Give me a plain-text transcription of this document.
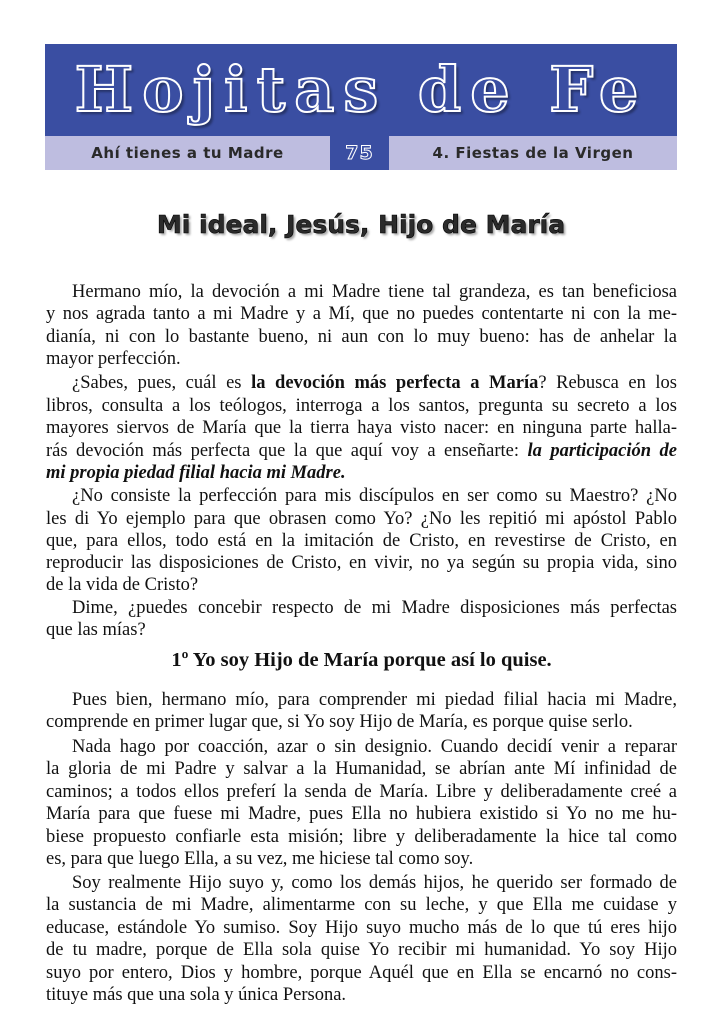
Hojitas de Fe
Ahí tienes a tu Madre	75	4. Fiestas de la Virgen
Mi ideal, Jesús, Hijo de María
Hermano mío, la devoción a mi Madre tiene tal grandeza, es tan beneficiosa
y nos agrada tanto a mi Madre y a Mí, que no puedes contentarte ni con la me-
dianía, ni con lo bastante bueno, ni aun con lo muy bueno: has de anhelar la
mayor perfección.
¿Sabes, pues, cuál es la devoción más perfecta a María? Rebusca en los
libros, consulta a los teólogos, interroga a los santos, pregunta su secreto a los
mayores siervos de María que la tierra haya visto nacer: en ninguna parte halla-
rás devoción más perfecta que la que aquí voy a enseñarte: la participación de
mi propia piedad filial hacia mi Madre.
¿No consiste la perfección para mis discípulos en ser como su Maestro? ¿No
les di Yo ejemplo para que obrasen como Yo? ¿No les repitió mi apóstol Pablo
que, para ellos, todo está en la imitación de Cristo, en revestirse de Cristo, en
reproducir las disposiciones de Cristo, en vivir, no ya según su propia vida, sino
de la vida de Cristo?
Dime, ¿puedes concebir respecto de mi Madre disposiciones más perfectas
que las mías?
Pues bien, hermano mío, para comprender mi piedad filial hacia mi Madre,
comprende en primer lugar que, si Yo soy Hijo de María, es porque quise serlo.
Nada hago por coacción, azar o sin designio. Cuando decidí venir a reparar
la gloria de mi Padre y salvar a la Humanidad, se abrían ante Mí infinidad de
caminos; a todos ellos preferí la senda de María. Libre y deliberadamente creé a
María para que fuese mi Madre, pues Ella no hubiera existido si Yo no me hu-
biese propuesto confiarle esta misión; libre y deliberadamente la hice tal como
es, para que luego Ella, a su vez, me hiciese tal como soy.
Soy realmente Hijo suyo y, como los demás hijos, he querido ser formado de
la sustancia de mi Madre, alimentarme con su leche, y que Ella me cuidase y
educase, estándole Yo sumiso. Soy Hijo suyo mucho más de lo que tú eres hijo
de tu madre, porque de Ella sola quise Yo recibir mi humanidad. Yo soy Hijo
suyo por entero, Dios y hombre, porque Aquél que en Ella se encarnó no cons-
tituye más que una sola y única Persona.
1º Yo soy Hijo de María porque así lo quise.
